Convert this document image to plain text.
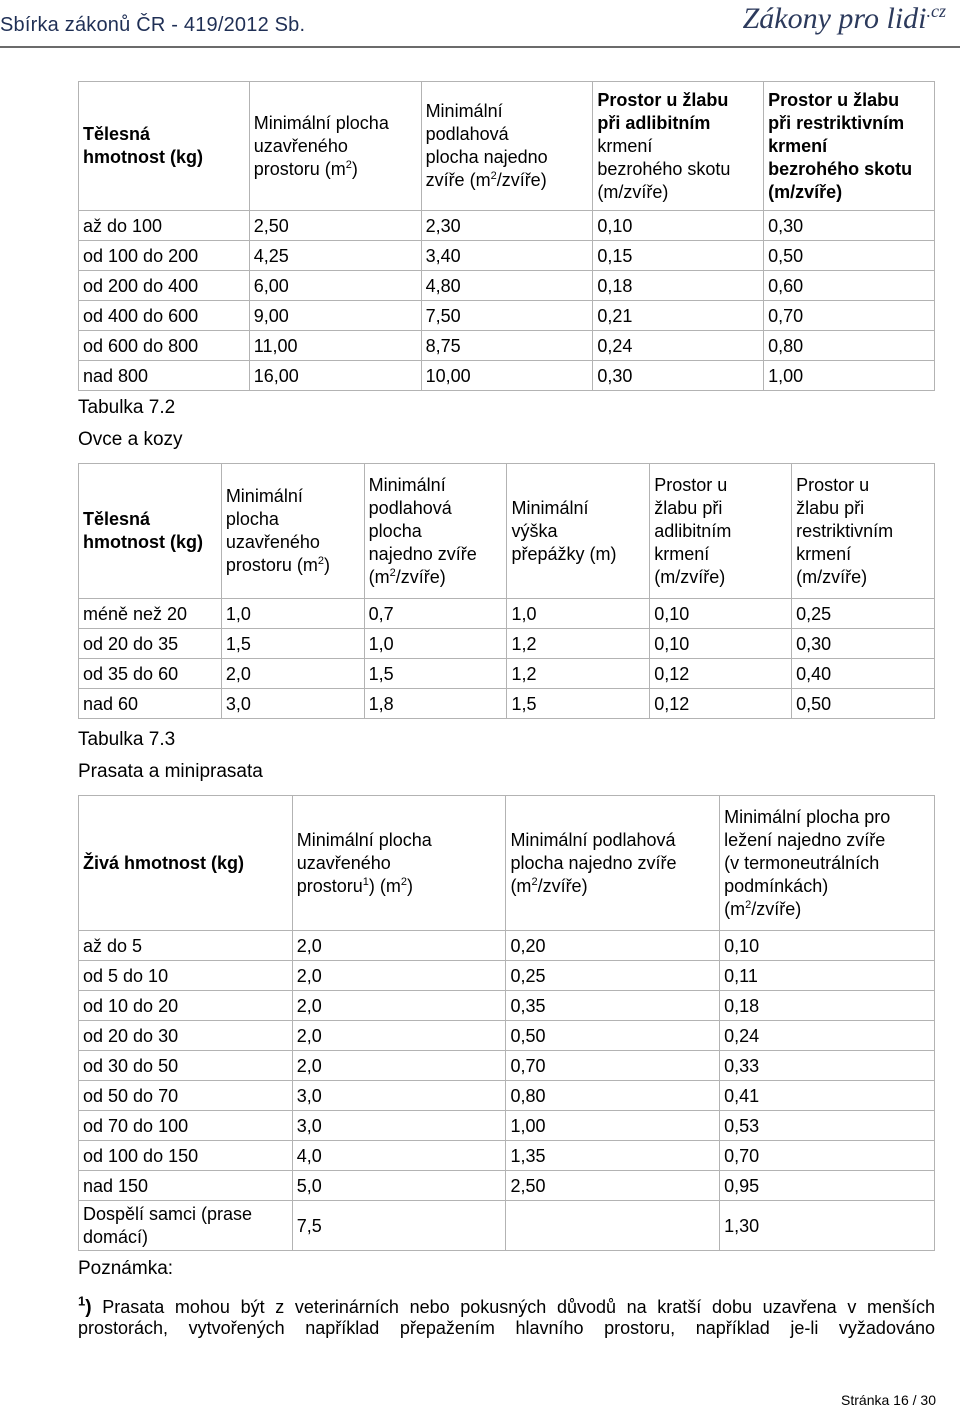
Sbírka zákonů ČR - 419/2012 Sb.	Zákony pro lidi$^{.cz}$
Tělesná
hmotnost (kg)	Minimální plocha
uzavřeného
prostoru $(m^2)$	Minimální
podlahová
plocha najedno
zvíře $(m^2/zvíře)$	Prostor u žlabu
při adlibitním
krmení
bezrohého skotu
(m/zvíře)	Prostor u žlabu
při restriktivním
krmení
bezrohého skotu
(m/zvíře)
až do 100	2,50	2,30	0,10	0,30
od 100 do 200	4,25	3,40	0,15	0,50
od 200 do 400	6,00	4,80	0,18	0,60
od 400 do 600	9,00	7,50	0,21	0,70
od 600 do 800	11,00	8,75	0,24	0,80
nad 800	16,00	10,00	0,30	1,00
Tabulka 7.2
Ovce a kozy
Tělesná
hmotnost (kg)	Minimální
plocha
uzavřeného
prostoru $(m^2)$	Minimální
podlahová
plocha
najedno zvíře
$(m^2/zvíře)$	Minimální
výška
přepážky (m)	Prostor u
žlabu při
adlibitním
krmení
(m/zvíře)	Prostor u
žlabu při
restriktivním
krmení
(m/zvíře)
méně než 20	1,0	0,7	1,0	0,10	0,25
od 20 do 35	1,5	1,0	1,2	0,10	0,30
od 35 do 60	2,0	1,5	1,2	0,12	0,40
nad 60	3,0	1,8	1,5	0,12	0,50
Tabulka 7.3
Prasata a miniprasata
Živá hmotnost (kg)	Minimální plocha
uzavřeného
prostoru$^1$) $(m^2)$	Minimální podlahová
plocha najedno zvíře
$(m^2/zvíře)$	Minimální plocha pro
ležení najedno zvíře
(v termoneutrálních
podmínkách)
$(m^2/zvíře)$
až do 5	2,0	0,20	0,10
od 5 do 10	2,0	0,25	0,11
od 10 do 20	2,0	0,35	0,18
od 20 do 30	2,0	0,50	0,24
od 30 do 50	2,0	0,70	0,33
od 50 do 70	3,0	0,80	0,41
od 70 do 100	3,0	1,00	0,53
od 100 do 150	4,0	1,35	0,70
nad 150	5,0	2,50	0,95
Dospělí samci (prase domácí)	7,5		1,30
Poznámka:
$^1$) Prasata mohou být z veterinárních nebo pokusných důvodů na kratší dobu uzavřena v menších prostorách, vytvořených například přepažením hlavního prostoru, například je-li vyžadováno
Stránka 16 / 30
